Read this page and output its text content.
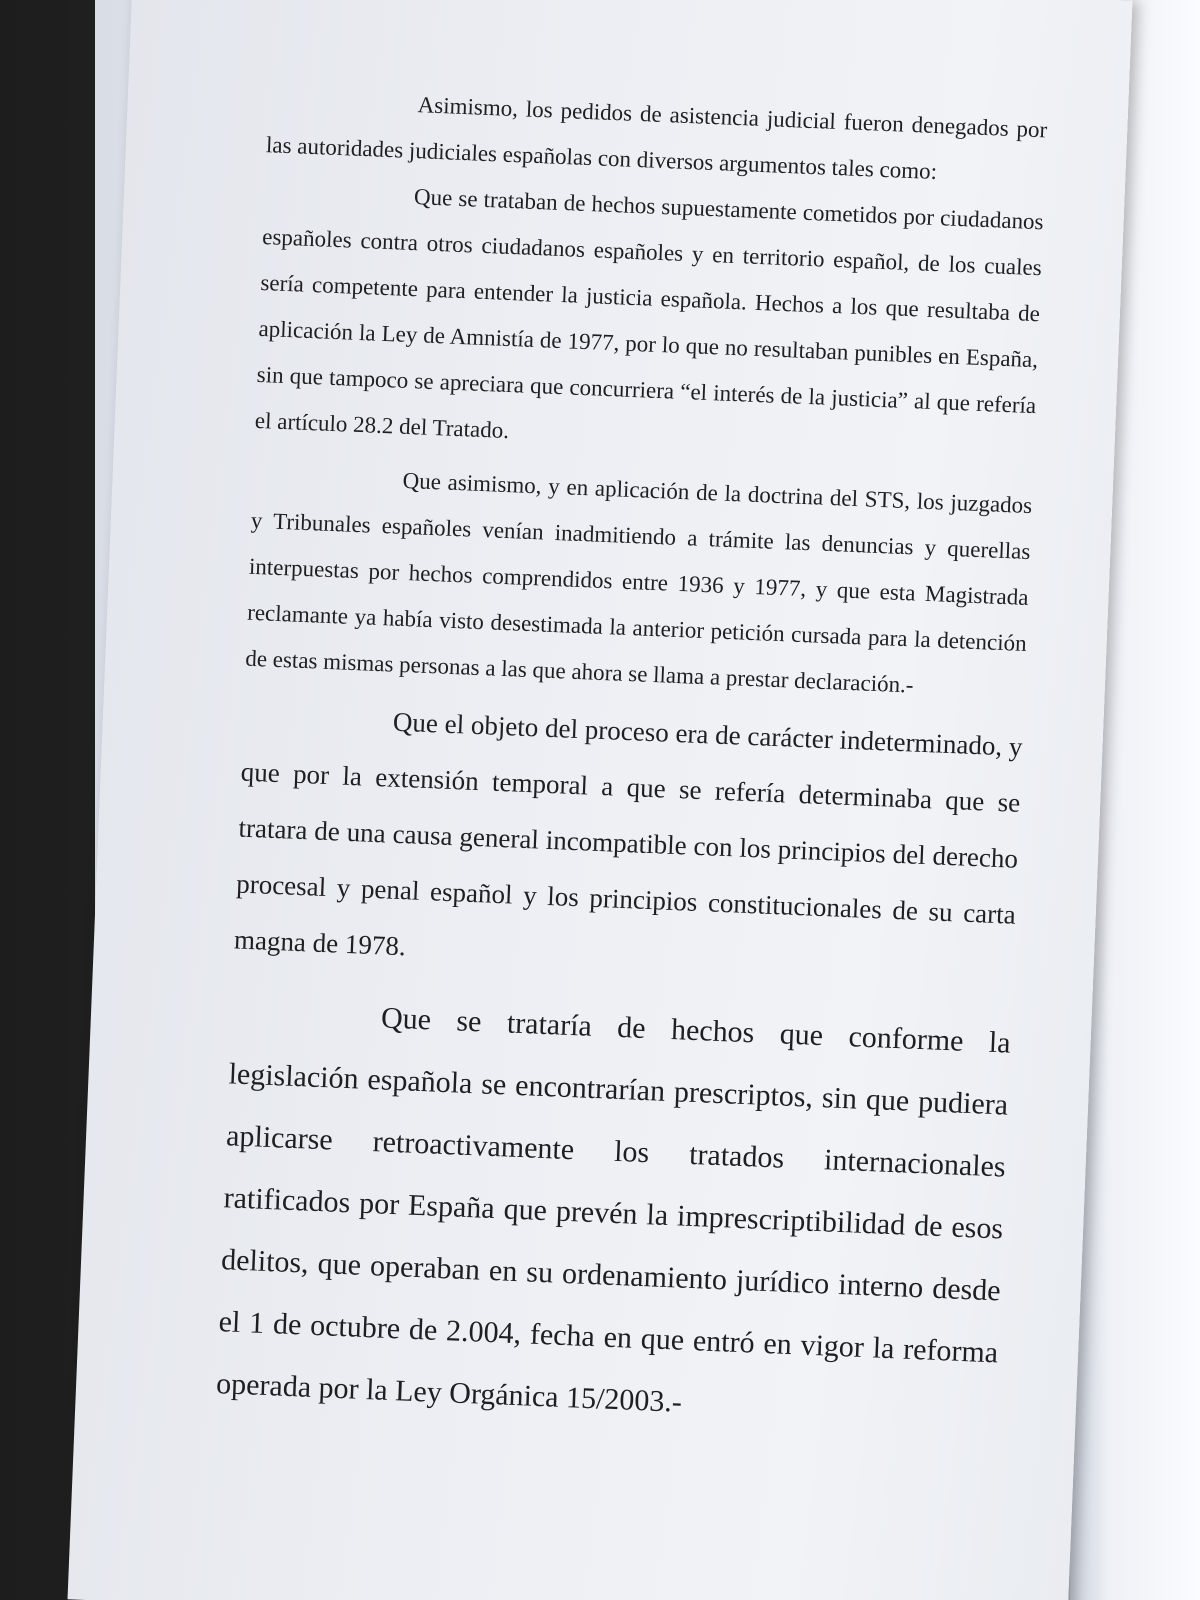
Asimismo, los pedidos de asistencia judicial fueron denegados por las autoridades judiciales españolas con diversos argumentos tales como:

Que se trataban de hechos supuestamente cometidos por ciudadanos españoles contra otros ciudadanos españoles y en territorio español, de los cuales sería competente para entender la justicia española. Hechos a los que resultaba de aplicación la Ley de Amnistía de 1977, por lo que no resultaban punibles en España, sin que tampoco se apreciara que concurriera “el interés de la justicia” al que refería el artículo 28.2 del Tratado.

Que asimismo, y en aplicación de la doctrina del STS, los juzgados y Tribunales españoles venían inadmitiendo a trámite las denuncias y querellas interpuestas por hechos comprendidos entre 1936 y 1977, y que esta Magistrada reclamante ya había visto desestimada la anterior petición cursada para la detención de estas mismas personas a las que ahora se llama a prestar declaración.-

Que el objeto del proceso era de carácter indeterminado, y que por la extensión temporal a que se refería determinaba que se tratara de una causa general incompatible con los principios del derecho procesal y penal español y los principios constitucionales de su carta magna de 1978.

Que se trataría de hechos que conforme la legislación española se encontrarían prescriptos, sin que pudiera aplicarse retroactivamente los tratados internacionales ratificados por España que prevén la imprescriptibilidad de esos delitos, que operaban en su ordenamiento jurídico interno desde el 1 de octubre de 2.004, fecha en que entró en vigor la reforma operada por la Ley Orgánica 15/2003.-
